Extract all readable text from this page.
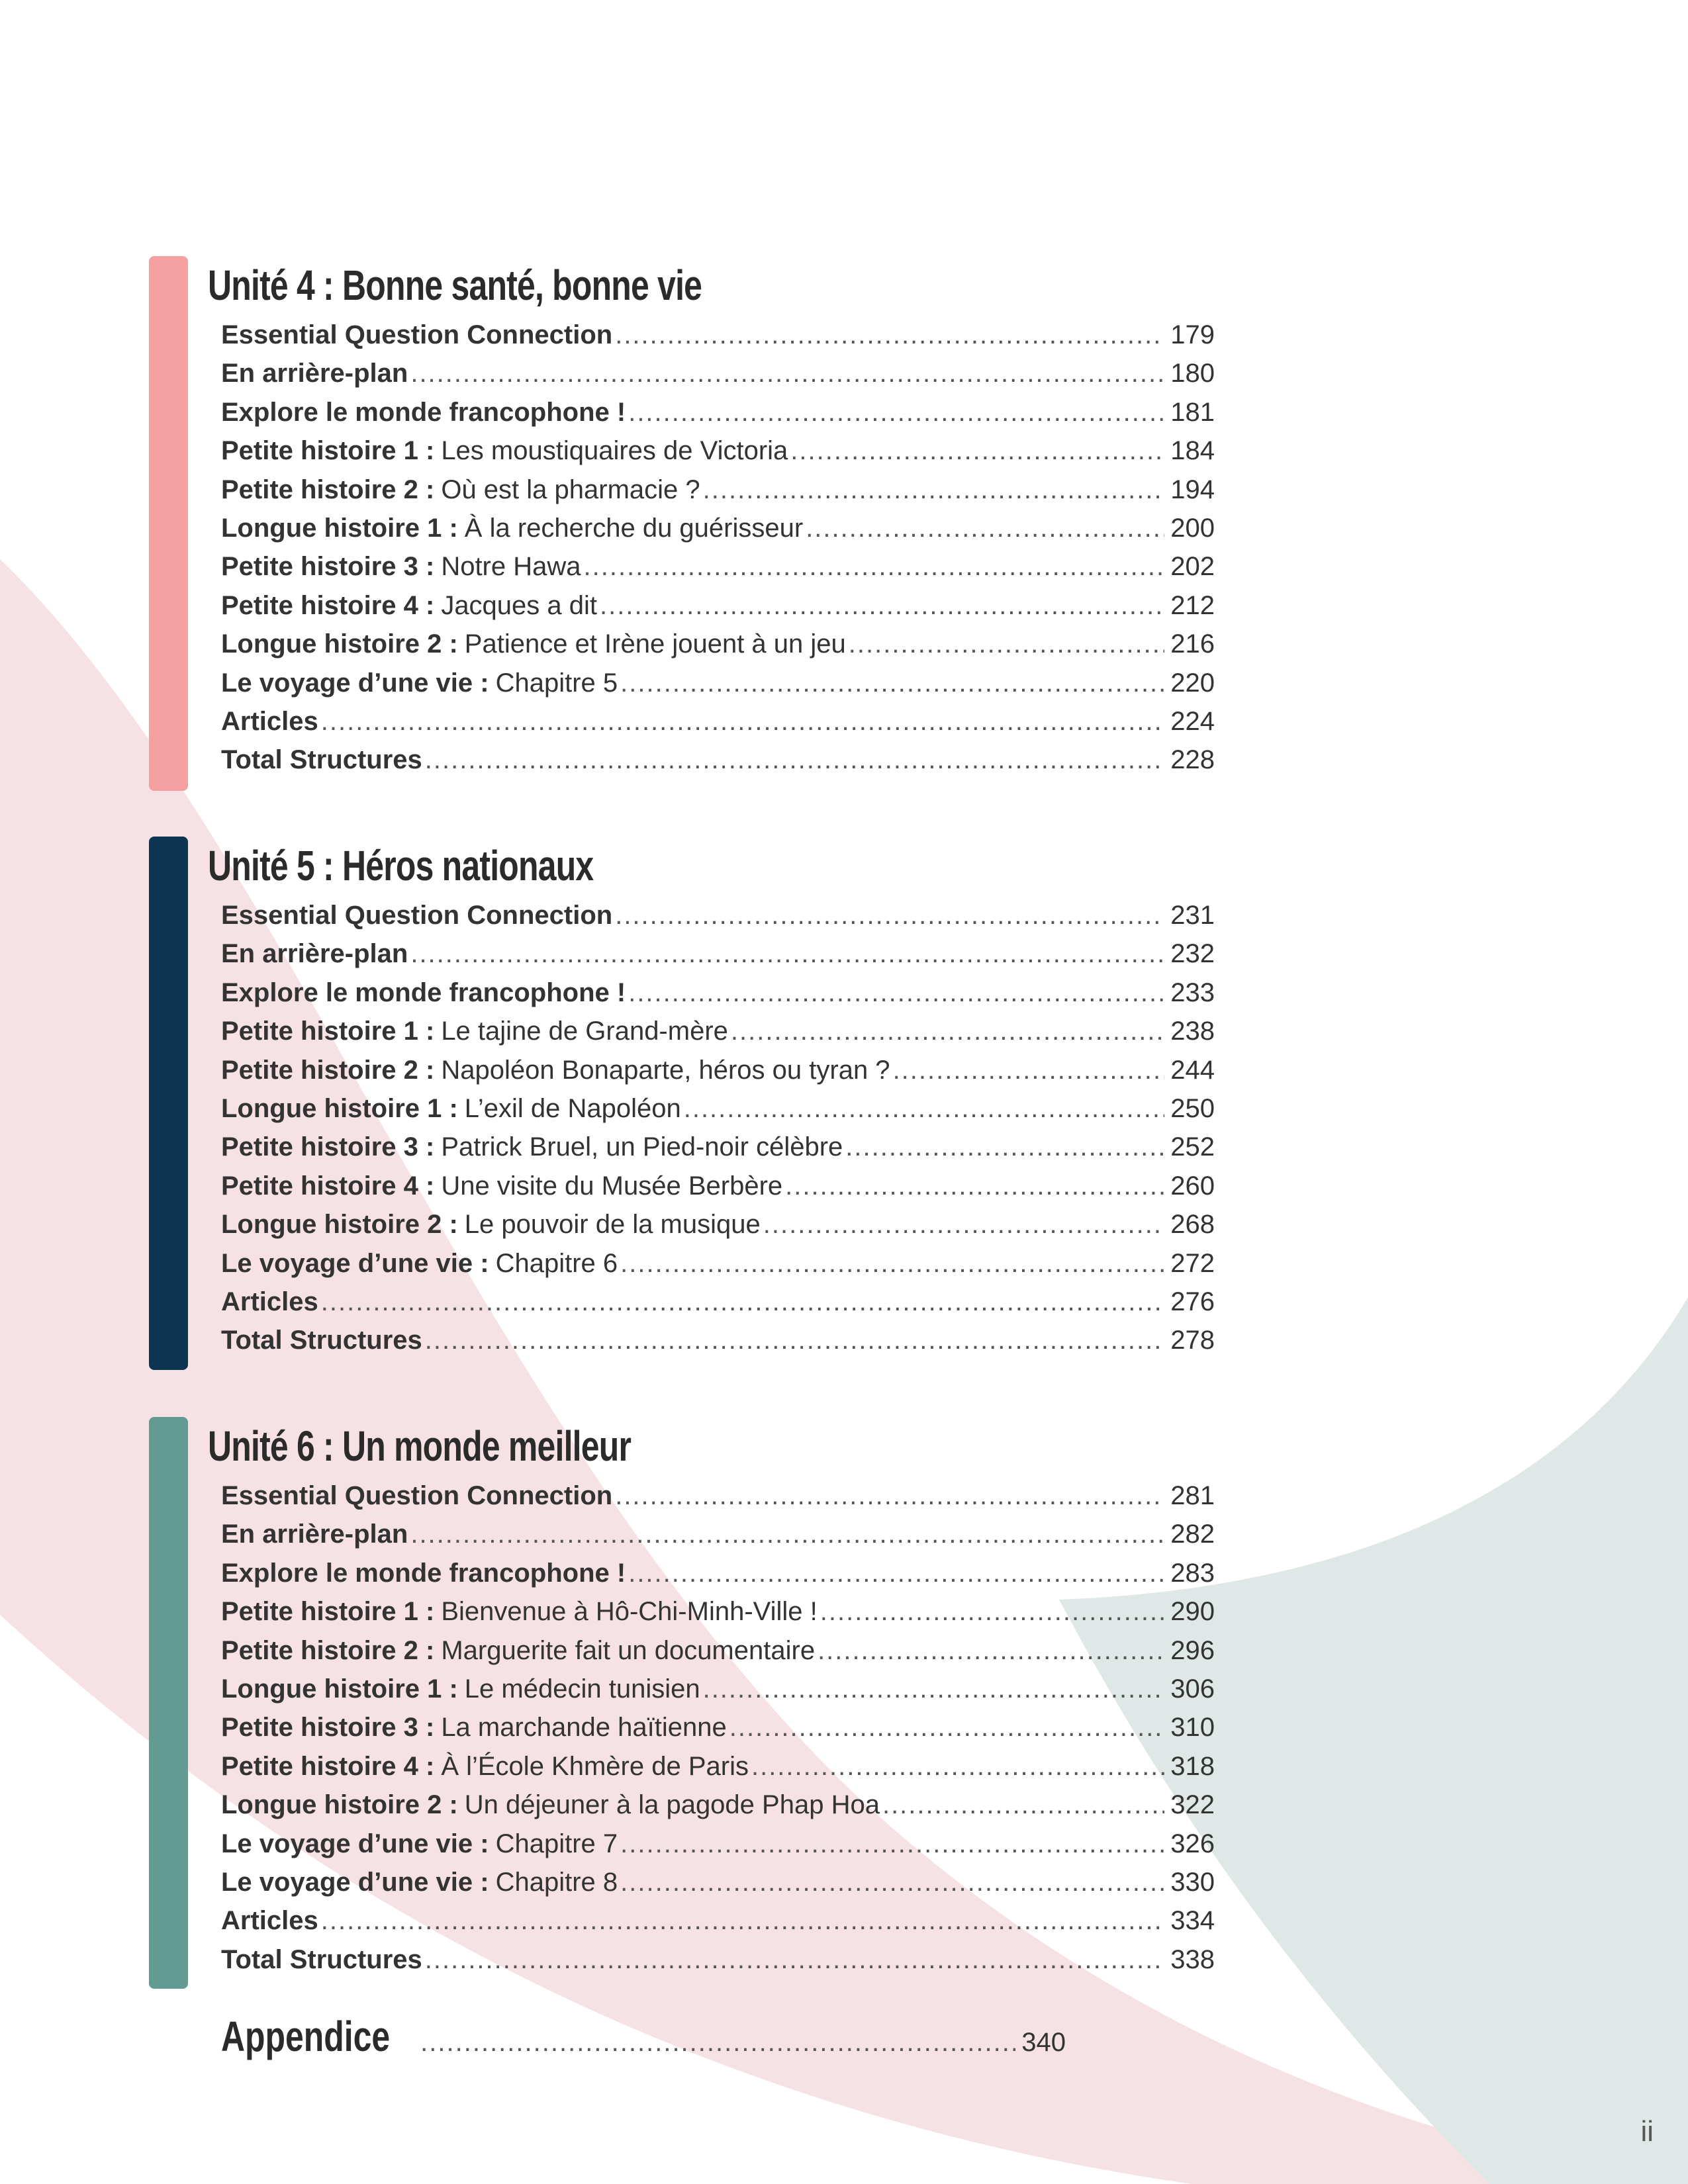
Unité 4 : Bonne santé, bonne vie
Essential Question Connection .....	179
En arrière-plan .....	180
Explore le monde francophone ! .....	181
Petite histoire 1 : Les moustiquaires de Victoria .....	184
Petite histoire 2 : Où est la pharmacie ? .....	194
Longue histoire 1 : À la recherche du guérisseur .....	200
Petite histoire 3 : Notre Hawa .....	202
Petite histoire 4 : Jacques a dit .....	212
Longue histoire 2 : Patience et Irène jouent à un jeu .....	216
Le voyage d’une vie : Chapitre 5 .....	220
Articles .....	224
Total Structures .....	228
Unité 5 : Héros nationaux
Essential Question Connection .....	231
En arrière-plan .....	232
Explore le monde francophone ! .....	233
Petite histoire 1 : Le tajine de Grand-mère .....	238
Petite histoire 2 : Napoléon Bonaparte, héros ou tyran ? .....	244
Longue histoire 1 : L’exil de Napoléon .....	250
Petite histoire 3 : Patrick Bruel, un Pied-noir célèbre .....	252
Petite histoire 4 : Une visite du Musée Berbère .....	260
Longue histoire 2 : Le pouvoir de la musique .....	268
Le voyage d’une vie : Chapitre 6 .....	272
Articles .....	276
Total Structures .....	278
Unité 6 : Un monde meilleur
Essential Question Connection .....	281
En arrière-plan .....	282
Explore le monde francophone ! .....	283
Petite histoire 1 : Bienvenue à Hô-Chi-Minh-Ville ! .....	290
Petite histoire 2 : Marguerite fait un documentaire .....	296
Longue histoire 1 : Le médecin tunisien .....	306
Petite histoire 3 : La marchande haïtienne .....	310
Petite histoire 4 : À l’École Khmère de Paris .....	318
Longue histoire 2 : Un déjeuner à la pagode Phap Hoa .....	322
Le voyage d’une vie : Chapitre 7 .....	326
Le voyage d’une vie : Chapitre 8 .....	330
Articles .....	334
Total Structures .....	338
Appendice .....	340
ii
